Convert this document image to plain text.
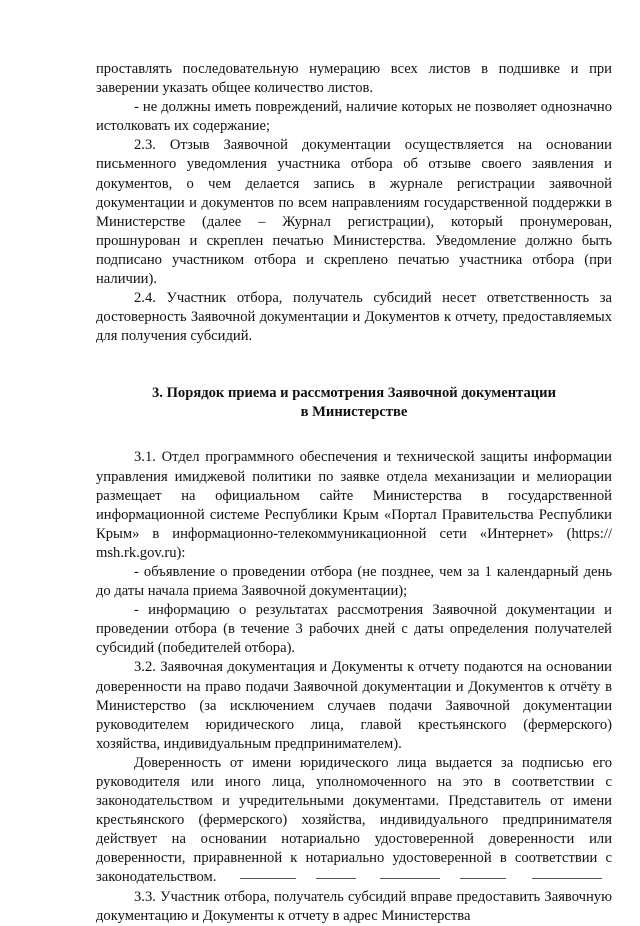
проставлять последовательную нумерацию всех листов в подшивке и при заверении указать общее количество листов.

- не должны иметь повреждений, наличие которых не позволяет однозначно истолковать их содержание;

2.3. Отзыв Заявочной документации осуществляется на основании письменного уведомления участника отбора об отзыве своего заявления и документов, о чем делается запись в журнале регистрации заявочной документации и документов по всем направлениям государственной поддержки в Министерстве (далее – Журнал регистрации), который пронумерован, прошнурован и скреплен печатью Министерства. Уведомление должно быть подписано участником отбора и скреплено печатью участника отбора (при наличии).

2.4. Участник отбора, получатель субсидий несет ответственность за достоверность Заявочной документации и Документов к отчету, предоставляемых для получения субсидий.

3. Порядок приема и рассмотрения Заявочной документации

в Министерстве

3.1. Отдел программного обеспечения и технической защиты информации управления имиджевой политики по заявке отдела механизации и мелиорации размещает на официальном сайте Министерства в государственной информационной системе Республики Крым «Портал Правительства Республики Крым» в информационно-телекоммуникационной сети «Интернет» (https:// msh.rk.gov.ru):

- объявление о проведении отбора (не позднее, чем за 1 календарный день до даты начала приема Заявочной документации);

- информацию о результатах рассмотрения Заявочной документации и проведении отбора (в течение 3 рабочих дней с даты определения получателей субсидий (победителей отбора).

3.2. Заявочная документация и Документы к отчету подаются на основании доверенности на право подачи Заявочной документации и Документов к отчёту в Министерство (за исключением случаев подачи Заявочной документации руководителем юридического лица, главой крестьянского (фермерского) хозяйства, индивидуальным предпринимателем).

Доверенность от имени юридического лица выдается за подписью его руководителя или иного лица, уполномоченного на это в соответствии с законодательством и учредительными документами. Представитель от имени крестьянского (фермерского) хозяйства, индивидуального предпринимателя действует на основании нотариально удостоверенной доверенности или доверенности, приравненной к нотариально удостоверенной в соответствии с законодательством.

3.3. Участник отбора, получатель субсидий вправе предоставить Заявочную документацию и Документы к отчету в адрес Министерства
